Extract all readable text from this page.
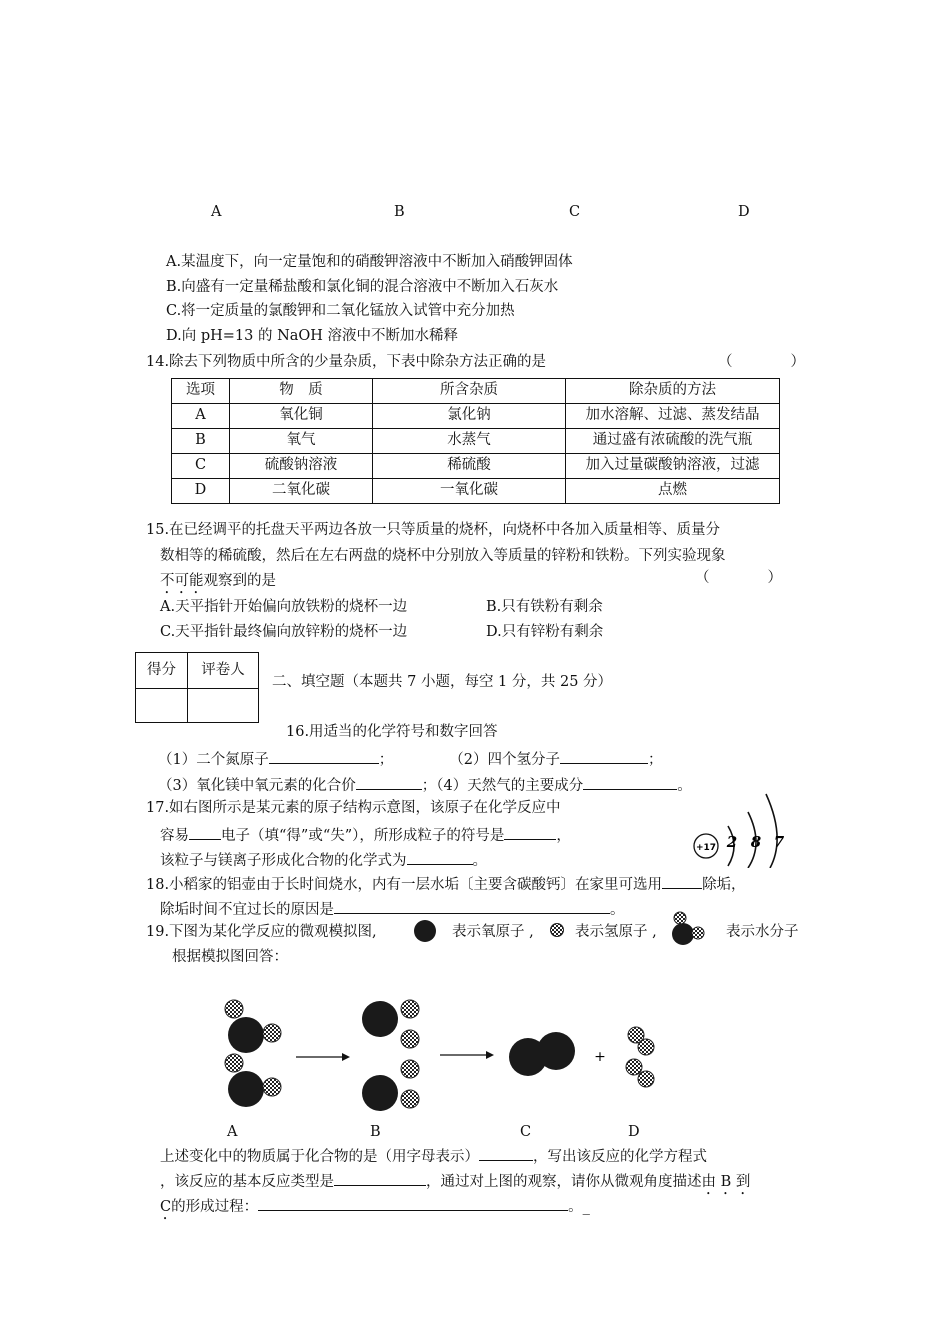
A	B	C	D
A.某温度下，向一定量饱和的硝酸钾溶液中不断加入硝酸钾固体
B.向盛有一定量稀盐酸和氯化铜的混合溶液中不断加入石灰水
C.将一定质量的氯酸钾和二氧化锰放入试管中充分加热
D.向 pH=13 的 NaOH 溶液中不断加水稀释
14.除去下列物质中所含的少量杂质，下表中除杂方法正确的是	（　　　　）
选项	物　质	所含杂质	除杂质的方法
A	氧化铜	氯化钠	加水溶解、过滤、蒸发结晶
B	氧气	水蒸气	通过盛有浓硫酸的洗气瓶
C	硫酸钠溶液	稀硫酸	加入过量碳酸钠溶液，过滤
D	二氧化碳	一氧化碳	点燃
15.在已经调平的托盘天平两边各放一只等质量的烧杯，向烧杯中各加入质量相等、质量分
数相等的稀硫酸，然后在左右两盘的烧杯中分别放入等质量的锌粉和铁粉。下列实验现象
不可能观察到的是	（　　　　）
A.天平指针开始偏向放铁粉的烧杯一边	B.只有铁粉有剩余
C.天平指针最终偏向放锌粉的烧杯一边	D.只有锌粉有剩余
得分	评卷人

二、填空题（本题共 7 小题，每空 1 分，共 25 分）
16.用适当的化学符号和数字回答
（1）二个氮原子	；	（2）四个氢分子	；
（3）氧化镁中氧元素的化合价	；（4）天然气的主要成分	。
17.如右图所示是某元素的原子结构示意图，该原子在化学反应中
容易 电子（填“得”或“失”），所形成粒子的符号是	，
该粒子与镁离子形成化合物的化学式为	。
+17 2 8 7
18.小稻家的铝壶由于长时间烧水，内有一层水垢〔主要含碳酸钙〕在家里可选用	除垢，
除垢时间不宜过长的原因是	。
19.下图为某化学反应的微观模拟图,	表示氧原子 ,	表示氢原子 ,	表示水分子
根据模拟图回答：
+
A	B	C	D
上述变化中的物质属于化合物的是（用字母表示）	，写出该反应的化学方程式
，该反应的基本反应类型是	，通过对上图的观察，请你从微观角度描述由 B 到
C的形成过程：	。_
